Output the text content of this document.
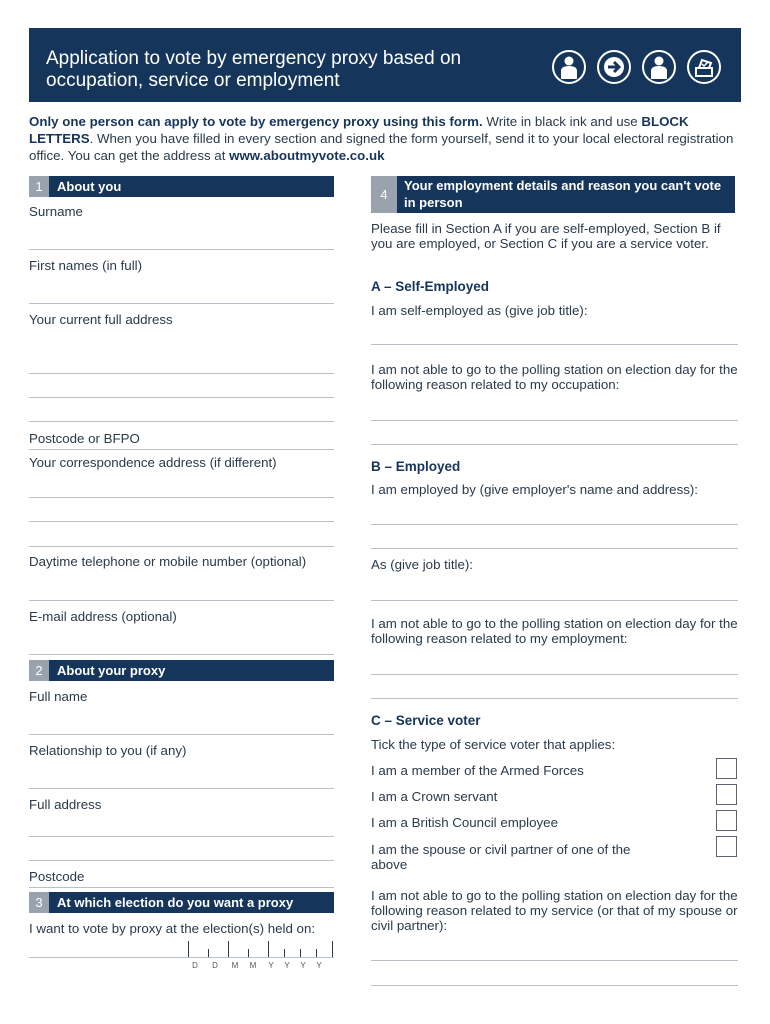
Application to vote by emergency proxy based on occupation, service or employment
Only one person can apply to vote by emergency proxy using this form. Write in black ink and use BLOCK LETTERS. When you have filled in every section and signed the form yourself, send it to your local electoral registration office. You can get the address at www.aboutmyvote.co.uk
1 About you
Surname
First names (in full)
Your current full address
Postcode or BFPO
Your correspondence address (if different)
Daytime telephone or mobile number (optional)
E-mail address (optional)
2 About your proxy
Full name
Relationship to you (if any)
Full address
Postcode
3 At which election do you want a proxy
I want to vote by proxy at the election(s) held on:
D	D	M	M	Y	Y	Y	Y
4
Your employment details and reason you can't vote in person
Please fill in Section A if you are self-employed, Section B if you are employed, or Section C if you are a service voter.
A – Self-Employed
I am self-employed as (give job title):
I am not able to go to the polling station on election day for the following reason related to my occupation:
B – Employed
I am employed by (give employer's name and address):
As (give job title):
I am not able to go to the polling station on election day for the following reason related to my employment:
C – Service voter
Tick the type of service voter that applies:
I am a member of the Armed Forces
I am a Crown servant
I am a British Council employee
I am the spouse or civil partner of one of the above
I am not able to go to the polling station on election day for the following reason related to my service (or that of my spouse or civil partner):
